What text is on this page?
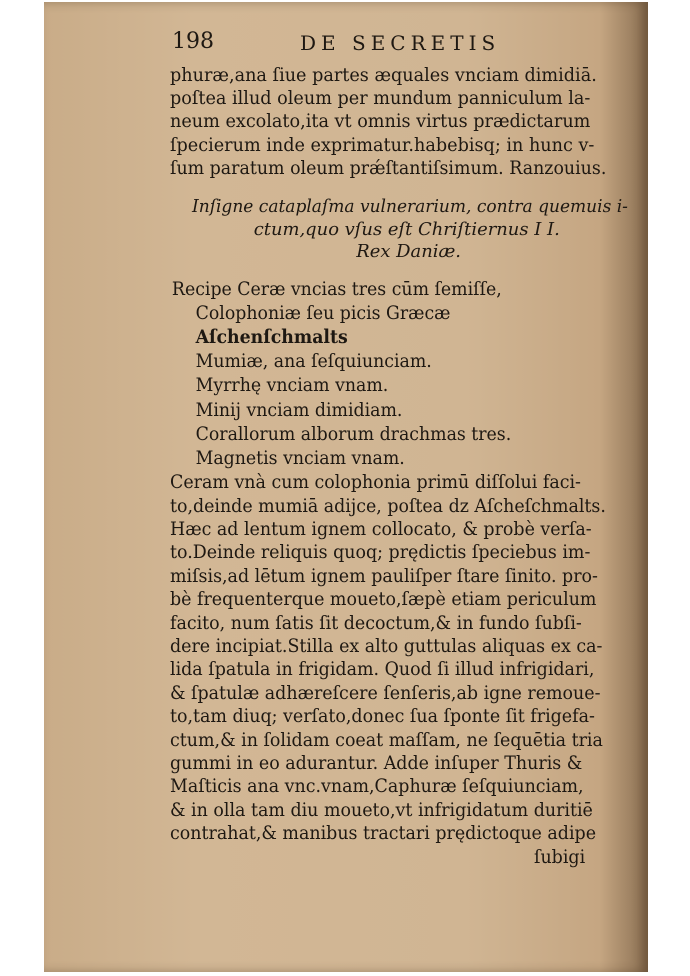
198	DE SECRETIS
phuræ,ana ſiue partes æquales vnciam dimidiā.
poſtea illud oleum per mundum panniculum la-
neum excolato,ita vt omnis virtus prædictarum
ſpecierum inde exprimatur.habebisq; in hunc v-
ſum paratum oleum prǽſtantiſsimum. Ranzouius.
Inſigne cataplaſma vulnerarium, contra quemuis i-
ctum,quo vſus eſt Chriſtiernus I I.
Rex Daniæ.
Recipe Ceræ vncias tres cūm ſemiſſe,
Colophoniæ ſeu picis Græcæ
Aſchenſchmalts
Mumiæ, ana ſeſquiunciam.
Myrrhę vnciam vnam.
Minij vnciam dimidiam.
Corallorum alborum drachmas tres.
Magnetis vnciam vnam.
Ceram vnà cum colophonia primū diſſolui faci-
to,deinde mumiā adijce, poſtea dz Aſcheſchmalts.
Hæc ad lentum ignem collocato, & probè verſa-
to.Deinde reliquis quoq; prędictis ſpeciebus im-
miſsis,ad lētum ignem pauliſper ſtare ſinito. pro-
bè frequenterque moueto,ſæpè etiam periculum
facito, num ſatis ſit decoctum,& in fundo ſubſi-
dere incipiat.Stilla ex alto guttulas aliquas ex ca-
lida ſpatula in frigidam. Quod ſi illud infrigidari,
& ſpatulæ adhæreſcere ſenſeris,ab igne remoue-
to,tam diuq; verſato,donec ſua ſponte ſit frigefa-
ctum,& in ſolidam coeat maſſam, ne ſequētia tria
gummi in eo adurantur. Adde inſuper Thuris &
Maſticis ana vnc.vnam,Caphuræ ſeſquiunciam,
& in olla tam diu moueto,vt infrigidatum duritiē
contrahat,& manibus tractari prędictoque adipe
ſubigi
